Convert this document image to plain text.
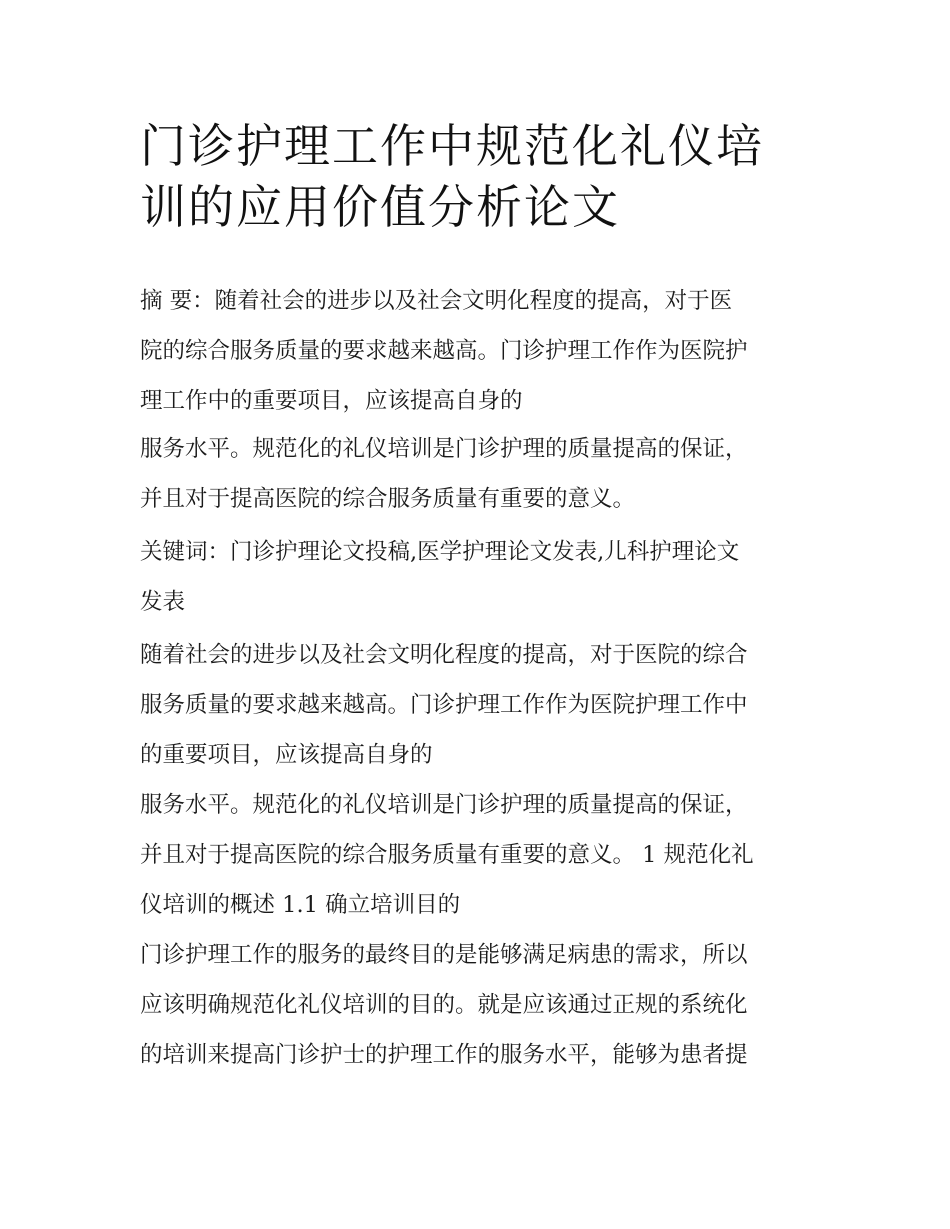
门诊护理工作中规范化礼仪培
训的应用价值分析论文
摘 要：随着社会的进步以及社会文明化程度的提高，对于医
院的综合服务质量的要求越来越高。门诊护理工作作为医院护
理工作中的重要项目，应该提高自身的
服务水平。规范化的礼仪培训是门诊护理的质量提高的保证，
并且对于提高医院的综合服务质量有重要的意义。
关键词：门诊护理论文投稿,医学护理论文发表,儿科护理论文
发表
随着社会的进步以及社会文明化程度的提高，对于医院的综合
服务质量的要求越来越高。门诊护理工作作为医院护理工作中
的重要项目，应该提高自身的
服务水平。规范化的礼仪培训是门诊护理的质量提高的保证，
并且对于提高医院的综合服务质量有重要的意义。 1 规范化礼
仪培训的概述 1.1 确立培训目的
门诊护理工作的服务的最终目的是能够满足病患的需求，所以
应该明确规范化礼仪培训的目的。就是应该通过正规的系统化
的培训来提高门诊护士的护理工作的服务水平，能够为患者提
